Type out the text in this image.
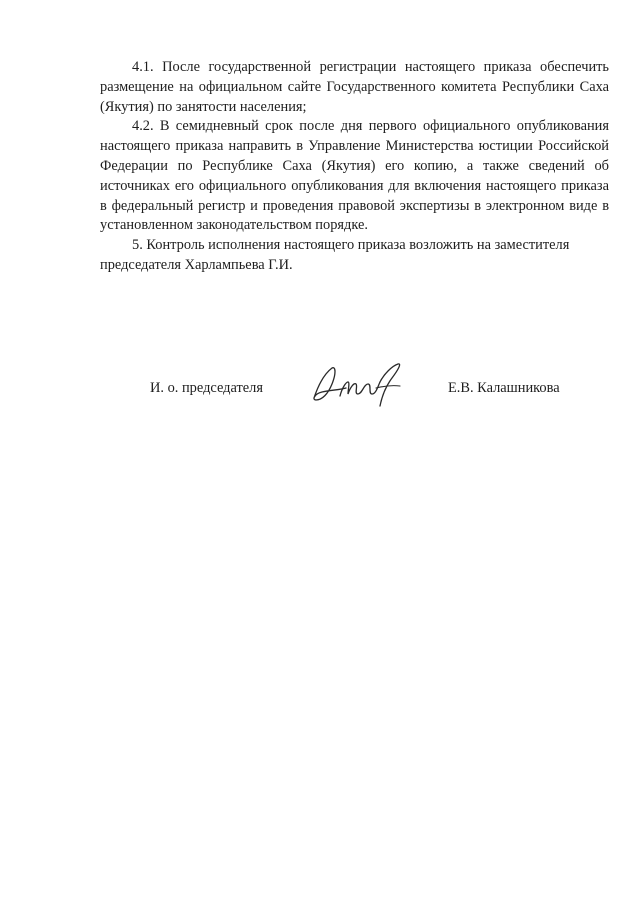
4.1. После государственной регистрации настоящего приказа обеспечить размещение на официальном сайте Государственного комитета Республики Саха (Якутия) по занятости населения;

4.2. В семидневный срок после дня первого официального опубликования настоящего приказа направить в Управление Министерства юстиции Российской Федерации по Республике Саха (Якутия) его копию, а также сведений об источниках его официального опубликования для включения настоящего приказа в федеральный регистр и проведения правовой экспертизы в электронном виде в установленном законодательством порядке.

5. Контроль исполнения настоящего приказа возложить на заместителя председателя Харлампьева Г.И.

И. о. председателя	Е.В. Калашникова
